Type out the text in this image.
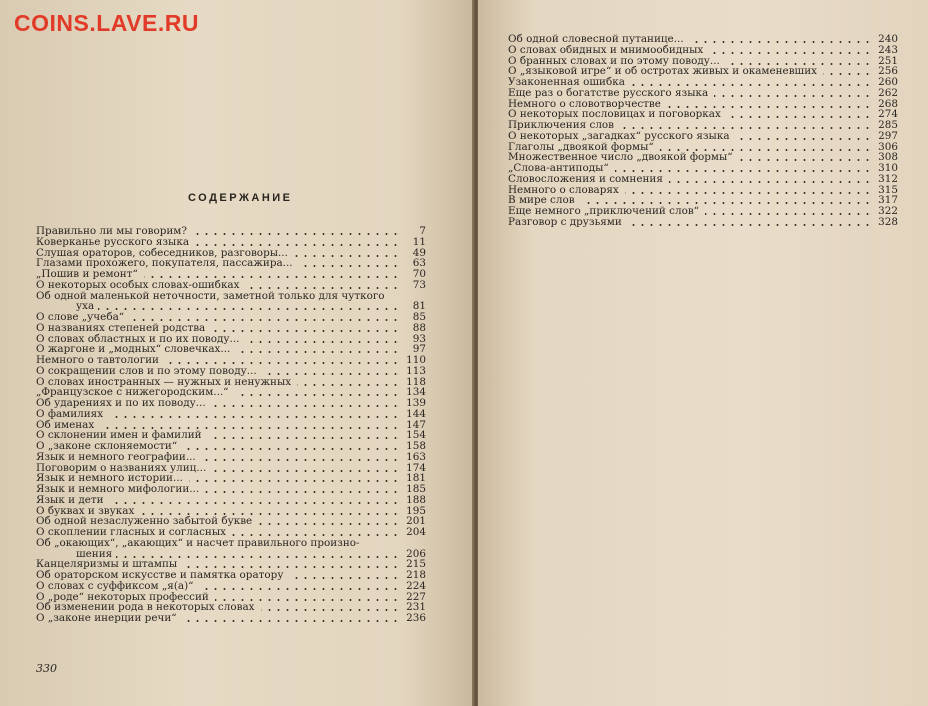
COINS.LAVE.RU
СОДЕРЖАНИЕ
Правильно ли мы говорим?	7
Коверканье русского языка	11
Слушая ораторов, собеседников, разговоры...	49
Глазами прохожего, покупателя, пассажира...	63
„Пошив и ремонт“	70
О некоторых особых словах-ошибках	73
Об одной маленькой неточности, заметной только для чуткого
уха	81
О слове „учеба“	85
О названиях степеней родства	88
О словах областных и по их поводу...	93
О жаргоне и „модных“ словечках...	97
Немного о тавтологии	110
О сокращении слов и по этому поводу...	113
О словах иностранных — нужных и ненужных	118
„Французское с нижегородским...“	134
Об ударениях и по их поводу...	139
О фамилиях	144
Об именах	147
О склонении имен и фамилий	154
О „законе склоняемости“	158
Язык и немного географии...	163
Поговорим о названиях улиц...	174
Язык и немного истории...	181
Язык и немного мифологии...	185
Язык и дети	188
О буквах и звуках	195
Об одной незаслуженно забытой букве	201
О скоплении гласных и согласных	204
Об „окающих“, „акающих“ и насчет правильного произно-
шения	206
Канцеляризмы и штампы	215
Об ораторском искусстве и памятка оратору	218
О словах с суффиксом „я(а)“	224
О „роде“ некоторых профессий	227
Об изменении рода в некоторых словах	231
О „законе инерции речи“	236
330
Об одной словесной путанице...	240
О словах обидных и мнимообидных	243
О бранных словах и по этому поводу...	251
О „языковой игре“ и об остротах живых и окаменевших	256
Узаконенная ошибка	260
Еще раз о богатстве русского языка	262
Немного о словотворчестве	268
О некоторых пословицах и поговорках	274
Приключения слов	285
О некоторых „загадках“ русского языка	297
Глаголы „двоякой формы“	306
Множественное число „двоякой формы“	308
„Слова-антиподы“	310
Словосложения и сомнения	312
Немного о словарях	315
В мире слов	317
Еще немного „приключений слов“	322
Разговор с друзьями	328
